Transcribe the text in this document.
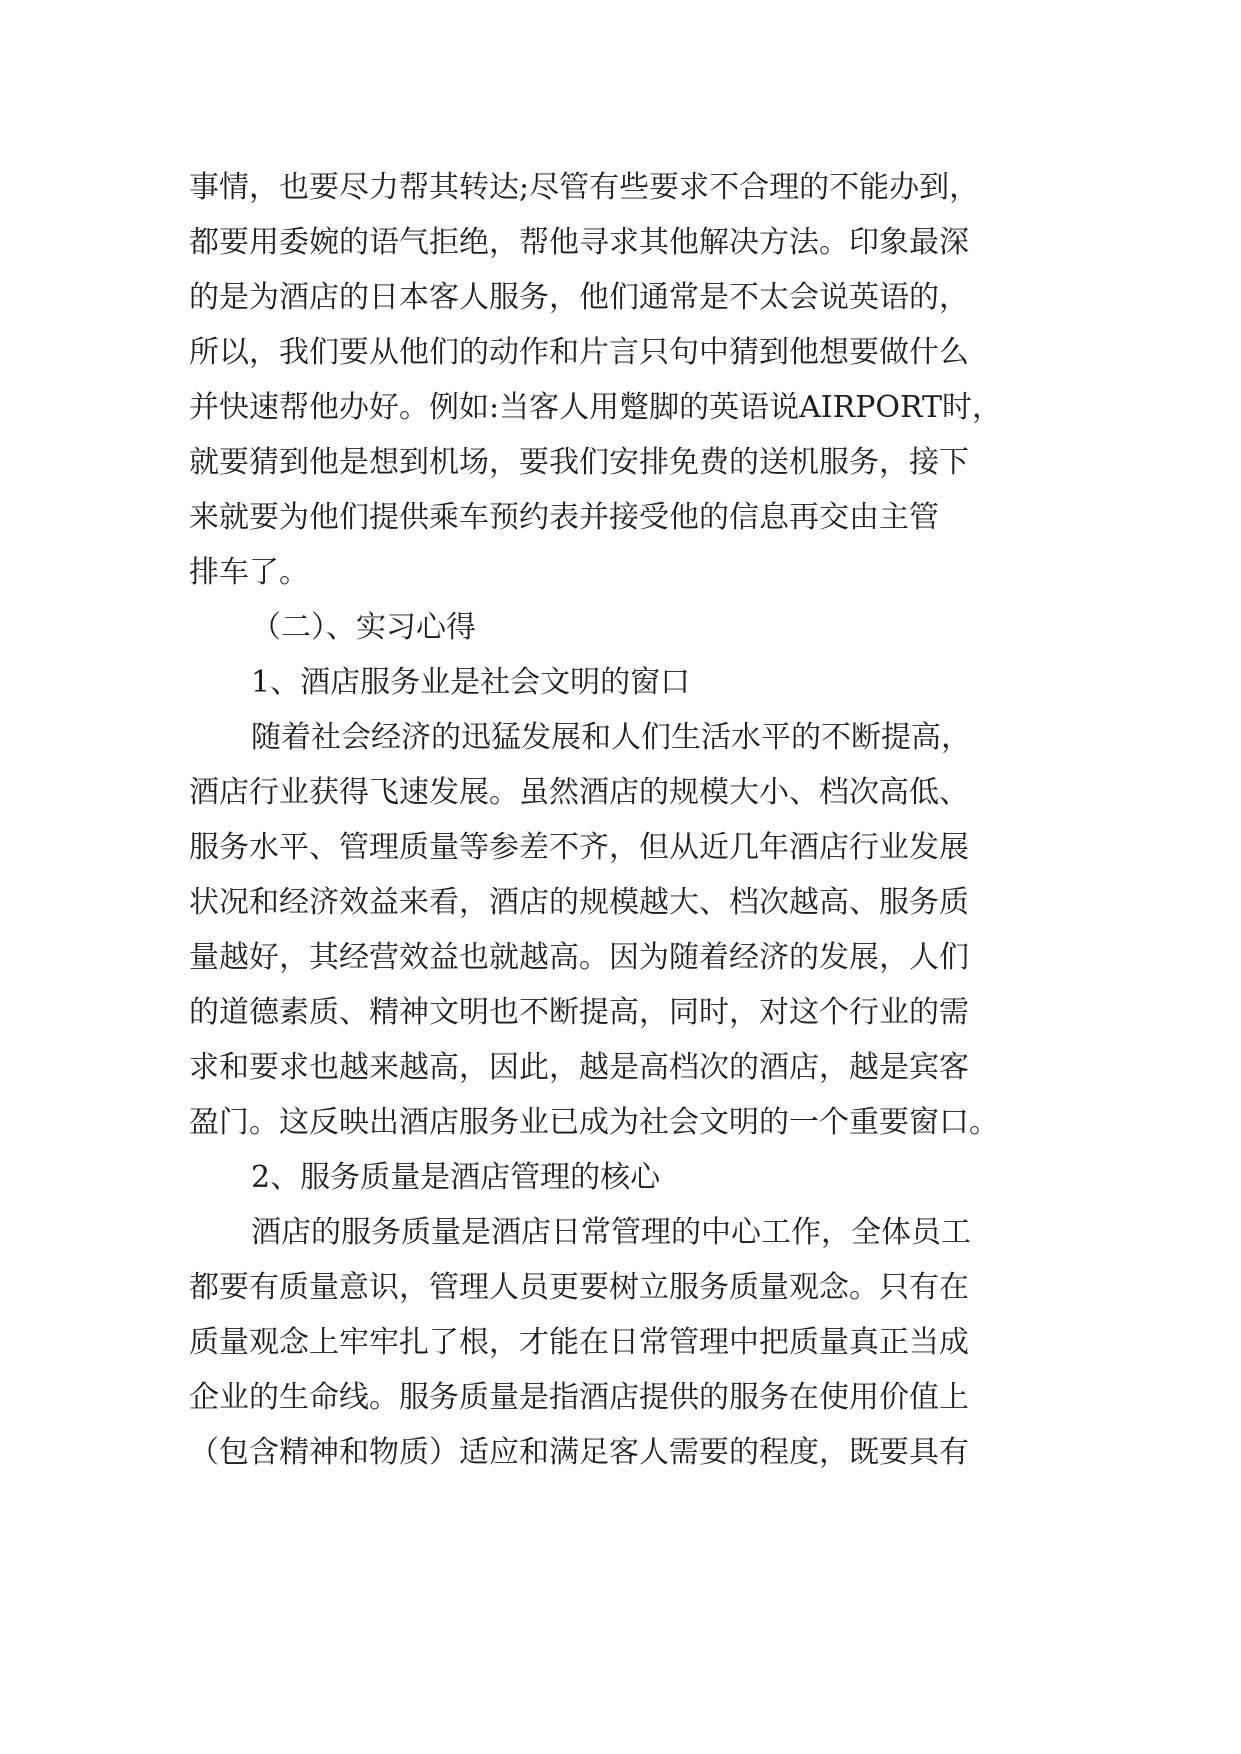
事情，也要尽力帮其转达;尽管有些要求不合理的不能办到，
都要用委婉的语气拒绝，帮他寻求其他解决方法。印象最深
的是为酒店的日本客人服务，他们通常是不太会说英语的，
所以，我们要从他们的动作和片言只句中猜到他想要做什么
并快速帮他办好。例如:当客人用蹩脚的英语说AIRPORT时，
就要猜到他是想到机场，要我们安排免费的送机服务，接下
来就要为他们提供乘车预约表并接受他的信息再交由主管
排车了。
（二）、实习心得
1、酒店服务业是社会文明的窗口
随着社会经济的迅猛发展和人们生活水平的不断提高，
酒店行业获得飞速发展。虽然酒店的规模大小、档次高低、
服务水平、管理质量等参差不齐，但从近几年酒店行业发展
状况和经济效益来看，酒店的规模越大、档次越高、服务质
量越好，其经营效益也就越高。因为随着经济的发展，人们
的道德素质、精神文明也不断提高，同时，对这个行业的需
求和要求也越来越高，因此，越是高档次的酒店，越是宾客
盈门。这反映出酒店服务业已成为社会文明的一个重要窗口。
2、服务质量是酒店管理的核心
酒店的服务质量是酒店日常管理的中心工作，全体员工
都要有质量意识，管理人员更要树立服务质量观念。只有在
质量观念上牢牢扎了根，才能在日常管理中把质量真正当成
企业的生命线。服务质量是指酒店提供的服务在使用价值上
（包含精神和物质）适应和满足客人需要的程度，既要具有
